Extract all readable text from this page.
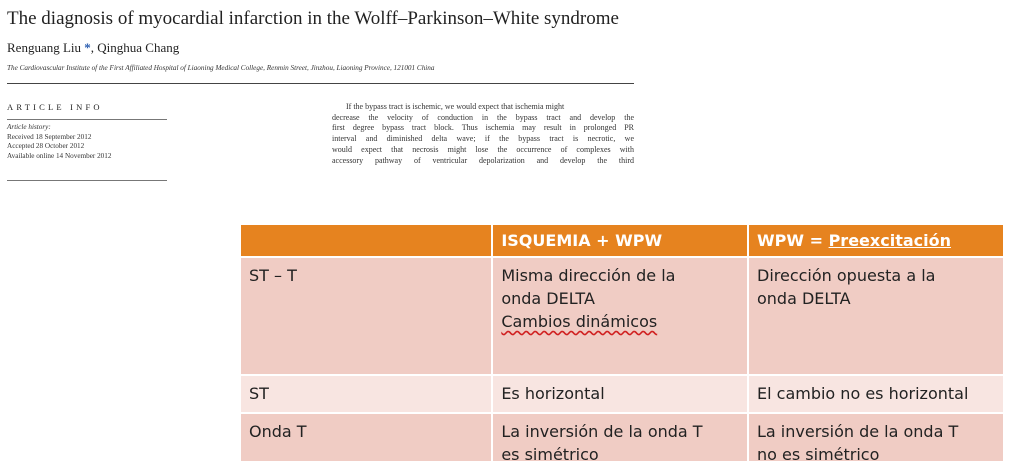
The diagnosis of myocardial infarction in the Wolff–Parkinson–White syndrome
Renguang Liu *, Qinghua Chang
The Cardiovascular Institute of the First Affiliated Hospital of Liaoning Medical College, Renmin Street, Jinzhou, Liaoning Province, 121001 China
ARTICLE INFO
Article history:
Received 18 September 2012
Accepted 28 October 2012
Available online 14 November 2012
If the bypass tract is ischemic, we would expect that ischemia might
decrease the velocity of conduction in the bypass tract and develop the
first degree bypass tract block. Thus ischemia may result in prolonged PR
interval and diminished delta wave; if the bypass tract is necrotic, we
would expect that necrosis might lose the occurrence of complexes with
accessory pathway of ventricular depolarization and develop the third
	ISQUEMIA + WPW	WPW = Preexcitación
ST – T	Misma dirección de la
onda DELTA
Cambios dinámicos	Dirección opuesta a la
onda DELTA

ST	Es horizontal	El cambio no es horizontal

Onda T	La inversión de la onda T
es simétrico	La inversión de la onda T
no es simétrico
